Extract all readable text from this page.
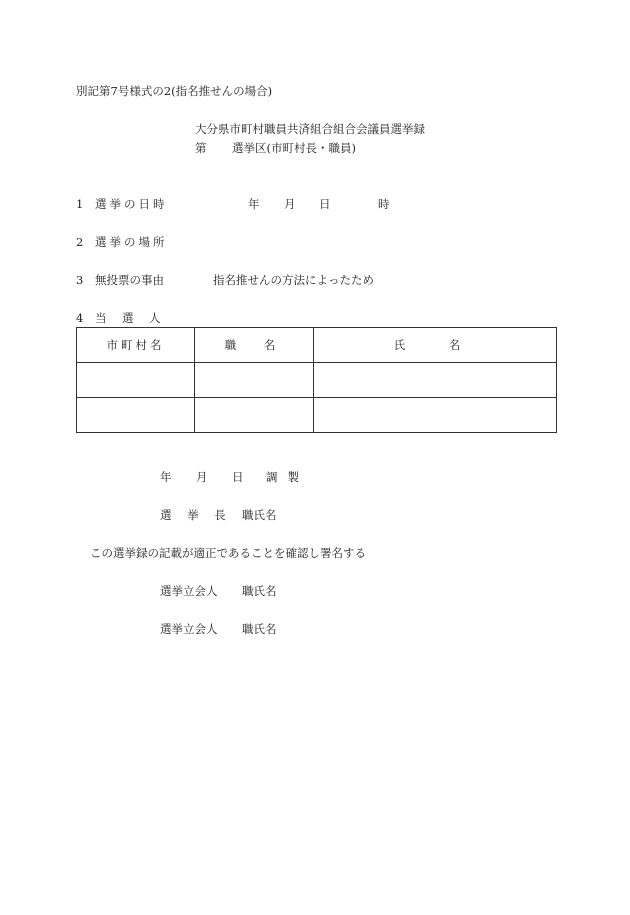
別記第7号様式の2(指名推せんの場合)
大分県市町村職員共済組合組合会議員選挙録
第 選挙区(市町村長・職員)
1 選挙の日時	年 月 日	時
2 選挙の場所
3 無投票の事由	指名推せんの方法によったため
4 当　選　人
市町村名	職　名	氏　名

年 月 日 調製
選 挙 長 職氏名
この選挙録の記載が適正であることを確認し署名する
選挙立会人 職氏名
選挙立会人 職氏名
